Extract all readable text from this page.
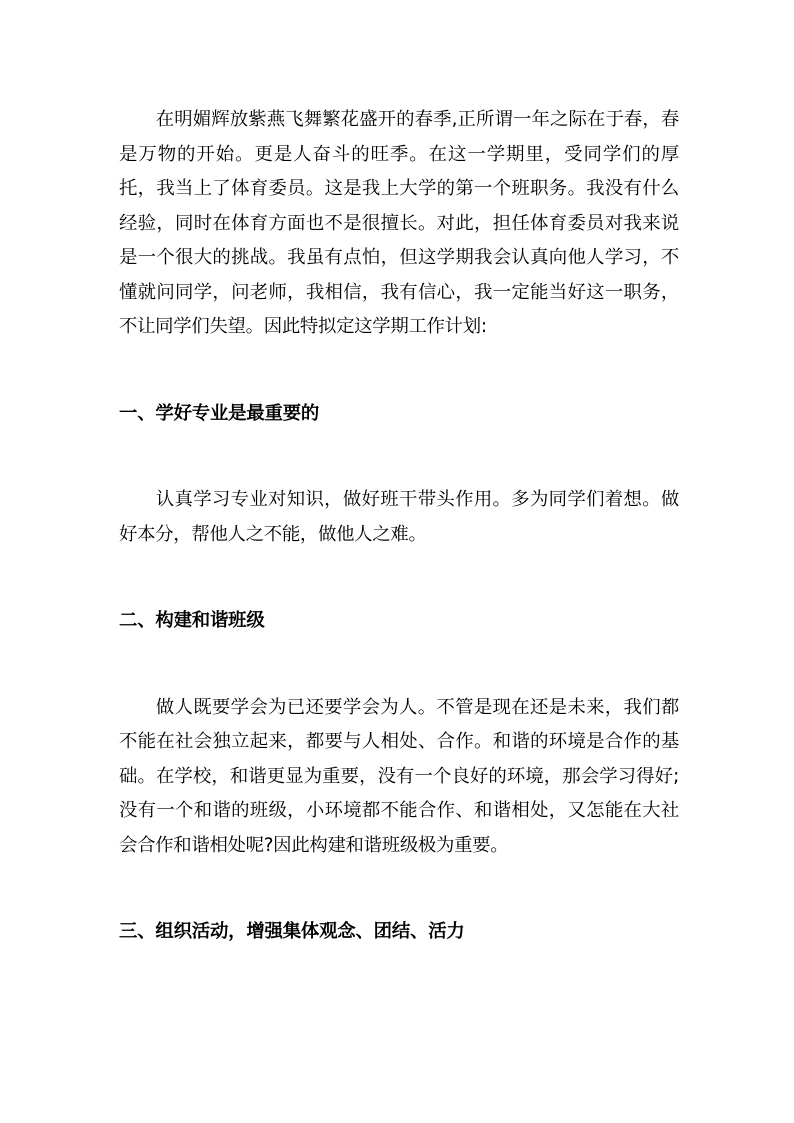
在明媚辉放紫燕飞舞繁花盛开的春季,正所谓一年之际在于春，春是万物的开始。更是人奋斗的旺季。在这一学期里，受同学们的厚托，我当上了体育委员。这是我上大学的第一个班职务。我没有什么经验，同时在体育方面也不是很擅长。对此，担任体育委员对我来说是一个很大的挑战。我虽有点怕，但这学期我会认真向他人学习，不懂就问同学，问老师，我相信，我有信心，我一定能当好这一职务，不让同学们失望。因此特拟定这学期工作计划:

一、学好专业是最重要的

认真学习专业对知识，做好班干带头作用。多为同学们着想。做好本分，帮他人之不能，做他人之难。

二、构建和谐班级

做人既要学会为已还要学会为人。不管是现在还是未来，我们都不能在社会独立起来，都要与人相处、合作。和谐的环境是合作的基础。在学校，和谐更显为重要，没有一个良好的环境，那会学习得好;没有一个和谐的班级，小环境都不能合作、和谐相处，又怎能在大社会合作和谐相处呢?因此构建和谐班级极为重要。

三、组织活动，增强集体观念、团结、活力
